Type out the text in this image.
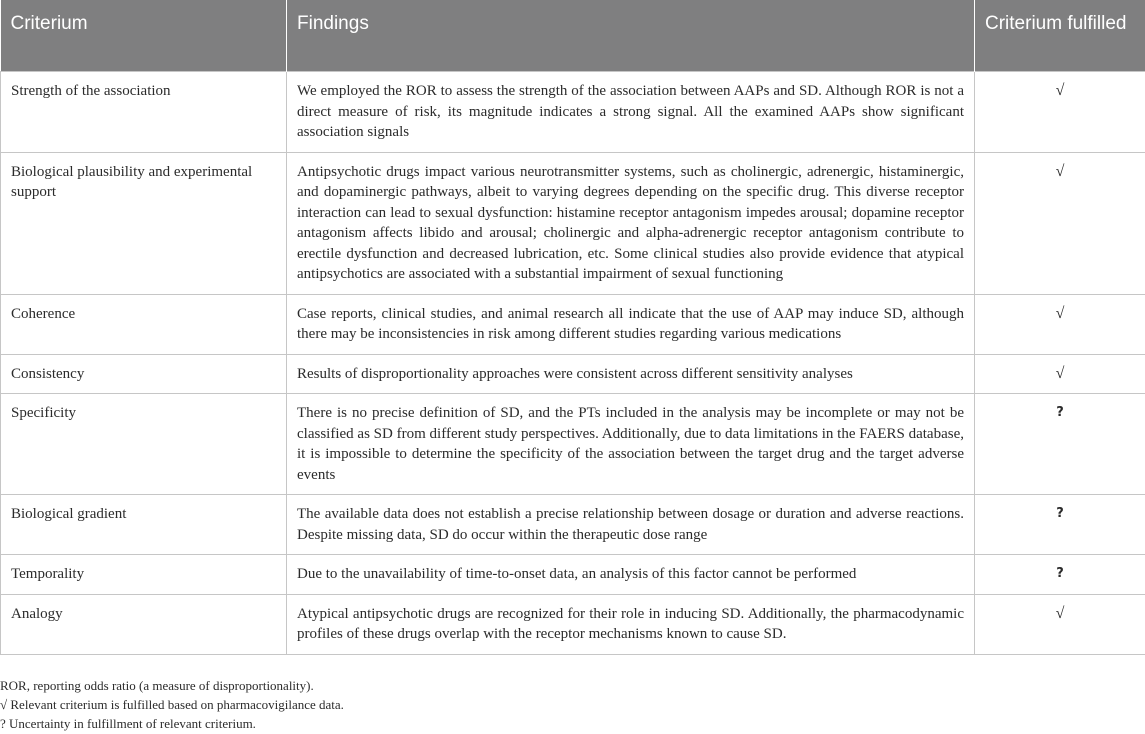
Criterium	Findings	Criterium fulfilled
Strength of the association	We employed the ROR to assess the strength of the association between AAPs and SD. Although ROR is not a direct measure of risk, its magnitude indicates a strong signal. All the examined AAPs show significant association signals	√
Biological plausibility and experimental support	Antipsychotic drugs impact various neurotransmitter systems, such as cholinergic, adrenergic, histaminergic, and dopaminergic pathways, albeit to varying degrees depending on the specific drug. This diverse receptor interaction can lead to sexual dysfunction: histamine receptor antagonism impedes arousal; dopamine receptor antagonism affects libido and arousal; cholinergic and alpha-adrenergic receptor antagonism contribute to erectile dysfunction and decreased lubrication, etc. Some clinical studies also provide evidence that atypical antipsychotics are associated with a substantial impairment of sexual functioning	√
Coherence	Case reports, clinical studies, and animal research all indicate that the use of AAP may induce SD, although there may be inconsistencies in risk among different studies regarding various medications	√
Consistency	Results of disproportionality approaches were consistent across different sensitivity analyses	√
Specificity	There is no precise definition of SD, and the PTs included in the analysis may be incomplete or may not be classified as SD from different study perspectives. Additionally, due to data limitations in the FAERS database, it is impossible to determine the specificity of the association between the target drug and the target adverse events	?
Biological gradient	The available data does not establish a precise relationship between dosage or duration and adverse reactions. Despite missing data, SD do occur within the therapeutic dose range	?
Temporality	Due to the unavailability of time-to-onset data, an analysis of this factor cannot be performed	?
Analogy	Atypical antipsychotic drugs are recognized for their role in inducing SD. Additionally, the pharmacodynamic profiles of these drugs overlap with the receptor mechanisms known to cause SD.	√
ROR, reporting odds ratio (a measure of disproportionality).
√ Relevant criterium is fulfilled based on pharmacovigilance data.
? Uncertainty in fulfillment of relevant criterium.
